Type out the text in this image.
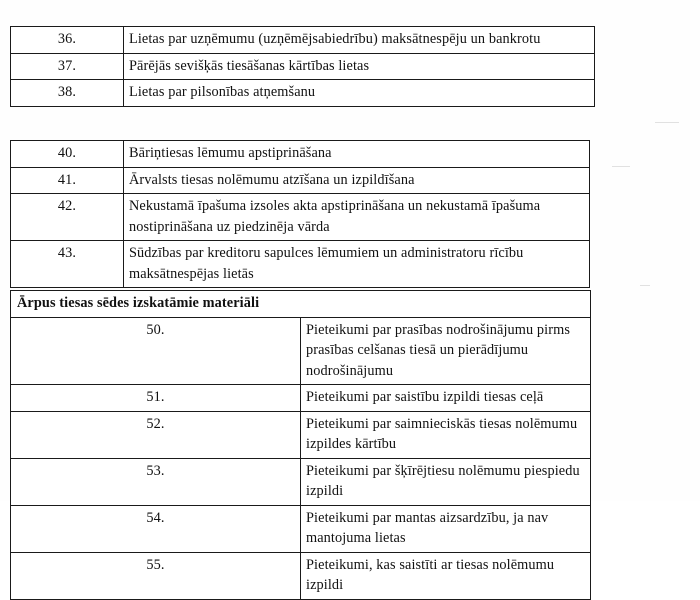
36.	Lietas par uzņēmumu (uzņēmējsabiedrību) maksātnespēju un bankrotu
37.	Pārējās sevišķās tiesāšanas kārtības lietas
38.	Lietas par pilsonības atņemšanu
40.	Bāriņtiesas lēmumu apstiprināšana
41.	Ārvalsts tiesas nolēmumu atzīšana un izpildīšana
42.	Nekustamā īpašuma izsoles akta apstiprināšana un nekustamā īpašuma nostiprināšana uz piedzinēja vārda
43.	Sūdzības par kreditoru sapulces lēmumiem un administratoru rīcību maksātnespējas lietās
Ārpus tiesas sēdes izskatāmie materiāli	
50.	Pieteikumi par prasības nodrošinājumu pirms prasības celšanas tiesā un pierādījumu nodrošinājumu
51.	Pieteikumi par saistību izpildi tiesas ceļā
52.	Pieteikumi par saimnieciskās tiesas nolēmumu izpildes kārtību
53.	Pieteikumi par šķīrējtiesu nolēmumu piespiedu izpildi
54.	Pieteikumi par mantas aizsardzību, ja nav mantojuma lietas
55.	Pieteikumi, kas saistīti ar tiesas nolēmumu izpildi
